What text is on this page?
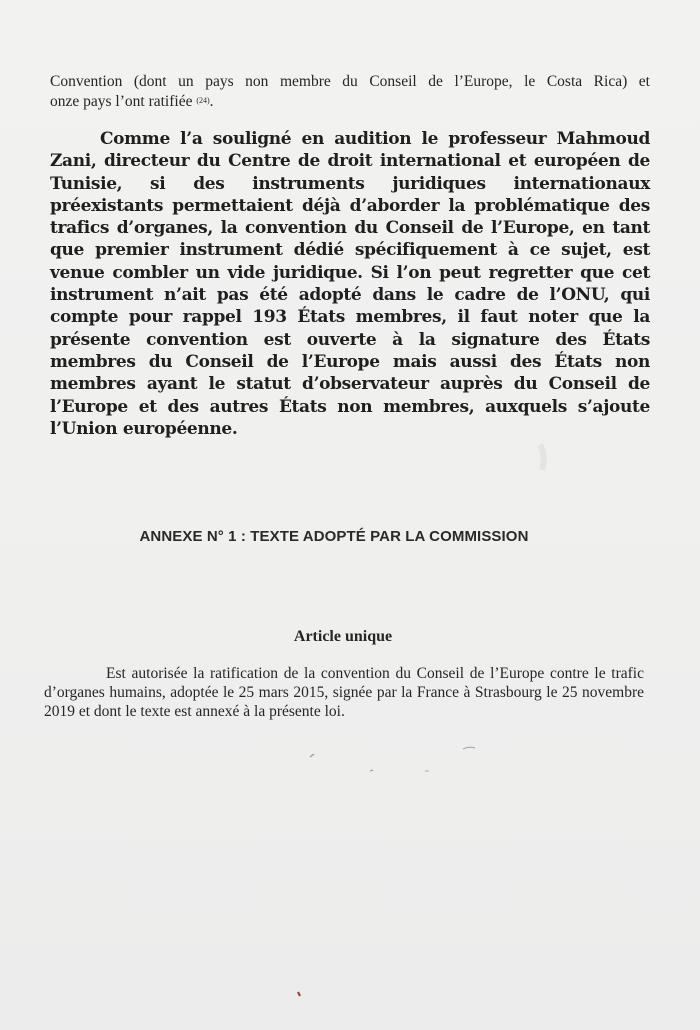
Convention (dont un pays non membre du Conseil de l’Europe, le Costa Rica) et
onze pays l’ont ratifiée (24).

Comme l’a souligné en audition le professeur Mahmoud Zani, directeur du Centre de droit international et européen de Tunisie, si des instruments juridiques internationaux préexistants permettaient déjà d’aborder la problématique des trafics d’organes, la convention du Conseil de l’Europe, en tant que premier instrument dédié spécifiquement à ce sujet, est venue combler un vide juridique. Si l’on peut regretter que cet instrument n’ait pas été adopté dans le cadre de l’ONU, qui compte pour rappel 193 États membres, il faut noter que la présente convention est ouverte à la signature des États membres du Conseil de l’Europe mais aussi des États non membres ayant le statut d’observateur auprès du Conseil de l’Europe et des autres États non membres, auxquels s’ajoute l’Union européenne.

ANNEXE N° 1 : TEXTE ADOPTÉ PAR LA COMMISSION
Article unique

Est autorisée la ratification de la convention du Conseil de l’Europe contre le trafic d’organes humains, adoptée le 25 mars 2015, signée par la France à Strasbourg le 25 novembre 2019 et dont le texte est annexé à la présente loi.
